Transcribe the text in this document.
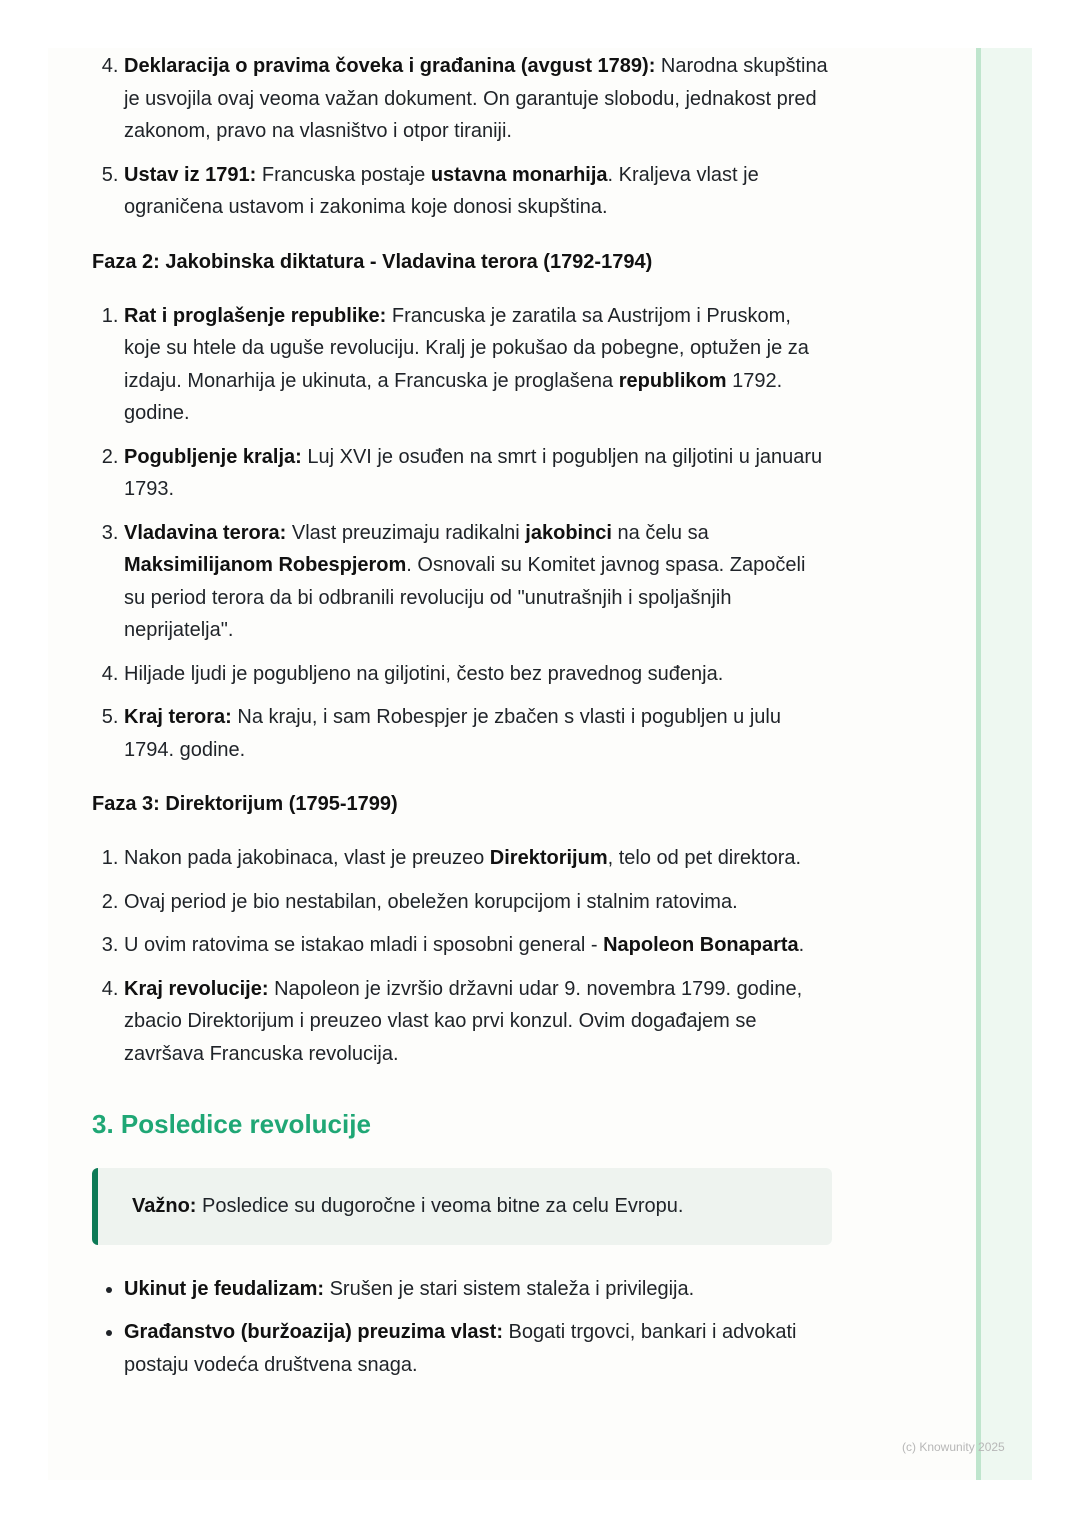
4. Deklaracija o pravima čoveka i građanina (avgust 1789): Narodna skupština je usvojila ovaj veoma važan dokument. On garantuje slobodu, jednakost pred zakonom, pravo na vlasništvo i otpor tiraniji.
5. Ustav iz 1791: Francuska postaje ustavna monarhija. Kraljeva vlast je ograničena ustavom i zakonima koje donosi skupština.
Faza 2: Jakobinska diktatura - Vladavina terora (1792-1794)
1. Rat i proglašenje republike: Francuska je zaratila sa Austrijom i Pruskom, koje su htele da uguše revoluciju. Kralj je pokušao da pobegne, optužen je za izdaju. Monarhija je ukinuta, a Francuska je proglašena republikom 1792. godine.
2. Pogubljenje kralja: Luj XVI je osuđen na smrt i pogubljen na giljotini u januaru 1793.
3. Vladavina terora: Vlast preuzimaju radikalni jakobinci na čelu sa Maksimilijanom Robespjerom. Osnovali su Komitet javnog spasa. Započeli su period terora da bi odbranili revoluciju od "unutrašnjih i spoljašnjih neprijatelja".
4. Hiljade ljudi je pogubljeno na giljotini, često bez pravednog suđenja.
5. Kraj terora: Na kraju, i sam Robespjer je zbačen s vlasti i pogubljen u julu 1794. godine.
Faza 3: Direktorijum (1795-1799)
1. Nakon pada jakobinaca, vlast je preuzeo Direktorijum, telo od pet direktora.
2. Ovaj period je bio nestabilan, obeležen korupcijom i stalnim ratovima.
3. U ovim ratovima se istakao mladi i sposobni general - Napoleon Bonaparta.
4. Kraj revolucije: Napoleon je izvršio državni udar 9. novembra 1799. godine, zbacio Direktorijum i preuzeo vlast kao prvi konzul. Ovim događajem se završava Francuska revolucija.
3. Posledice revolucije
Važno: Posledice su dugoročne i veoma bitne za celu Evropu.
• Ukinut je feudalizam: Srušen je stari sistem staleža i privilegija.
• Građanstvo (buržoazija) preuzima vlast: Bogati trgovci, bankari i advokati postaju vodeća društvena snaga.
(c) Knowunity 2025
